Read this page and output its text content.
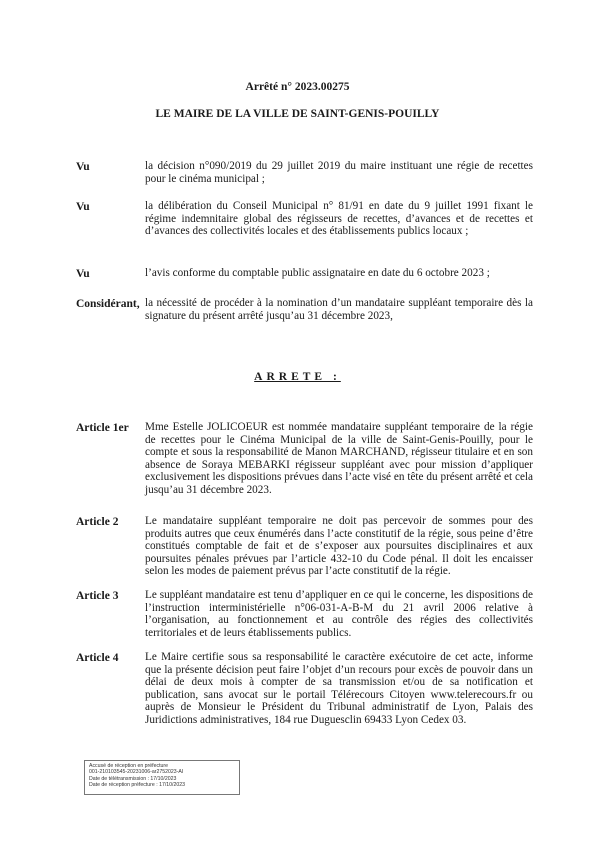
Arrêté n° 2023.00275
LE MAIRE DE LA VILLE DE SAINT-GENIS-POUILLY
Vu	la décision n°090/2019 du 29 juillet 2019 du maire instituant une régie de recettes pour le cinéma municipal ;
Vu	la délibération du Conseil Municipal n° 81/91 en date du 9 juillet 1991 fixant le régime indemnitaire global des régisseurs de recettes, d’avances et de recettes et d’avances des collectivités locales et des établissements publics locaux ;
Vu	l’avis conforme du comptable public assignataire en date du 6 octobre 2023 ;
Considérant, la nécessité de procéder à la nomination d’un mandataire suppléant temporaire dès la signature du présent arrêté jusqu’au 31 décembre 2023,
ARRETE :
Article 1er Mme Estelle JOLICOEUR est nommée mandataire suppléant temporaire de la régie de recettes pour le Cinéma Municipal de la ville de Saint-Genis-Pouilly, pour le compte et sous la responsabilité de Manon MARCHAND, régisseur titulaire et en son absence de Soraya MEBARKI régisseur suppléant avec pour mission d’appliquer exclusivement les dispositions prévues dans l’acte visé en tête du présent arrêté et cela jusqu’au 31 décembre 2023.
Article 2 Le mandataire suppléant temporaire ne doit pas percevoir de sommes pour des produits autres que ceux énumérés dans l’acte constitutif de la régie, sous peine d’être constitués comptable de fait et de s’exposer aux poursuites disciplinaires et aux poursuites pénales prévues par l’article 432-10 du Code pénal. Il doit les encaisser selon les modes de paiement prévus par l’acte constitutif de la régie.
Article 3 Le suppléant mandataire est tenu d’appliquer en ce qui le concerne, les dispositions de l’instruction interministérielle n°06-031-A-B-M du 21 avril 2006 relative à l’organisation, au fonctionnement et au contrôle des régies des collectivités territoriales et de leurs établissements publics.
Article 4 Le Maire certifie sous sa responsabilité le caractère exécutoire de cet acte, informe que la présente décision peut faire l’objet d’un recours pour excès de pouvoir dans un délai de deux mois à compter de sa transmission et/ou de sa notification et publication, sans avocat sur le portail Télérecours Citoyen www.telerecours.fr ou auprès de Monsieur le Président du Tribunal administratif de Lyon, Palais des Juridictions administratives, 184 rue Duguesclin 69433 Lyon Cedex 03.
Accusé de réception en préfecture
001-210103545-20231006-ar2752023-AI
Date de télétransmission : 17/10/2023
Date de réception préfecture : 17/10/2023
